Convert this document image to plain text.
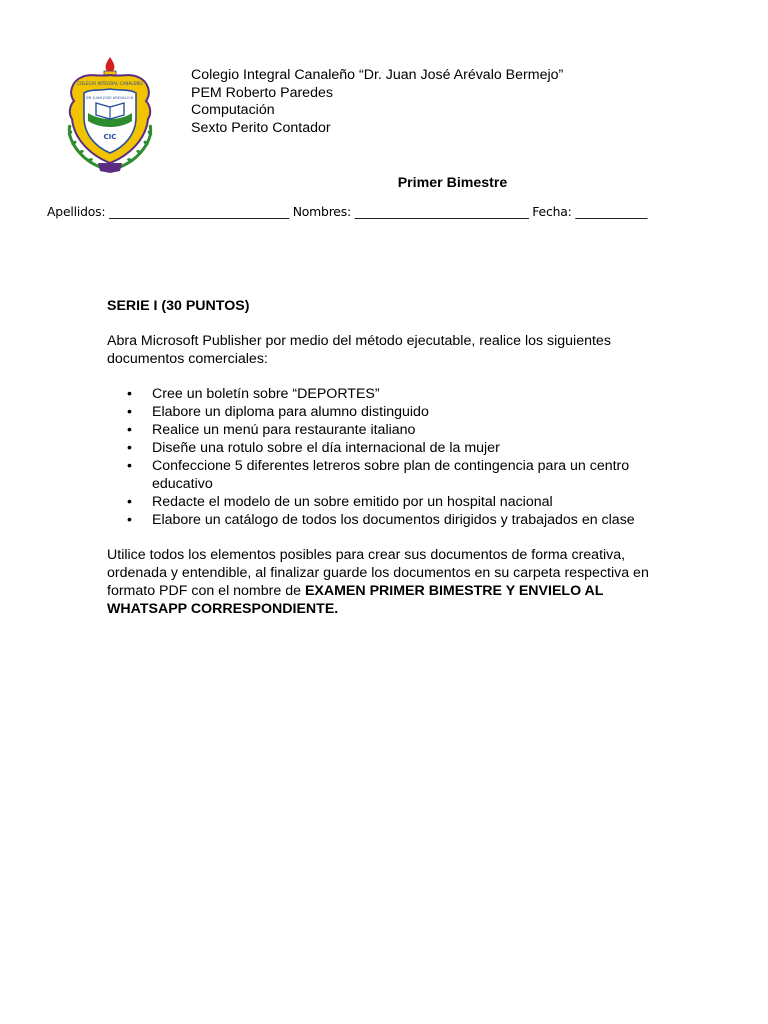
COLEGIO INTEGRAL CANALEÑO
DR. JUAN JOSE AREVALO B.
CIC
Colegio Integral Canaleño “Dr. Juan José Arévalo Bermejo”
PEM Roberto Paredes
Computación
Sexto Perito Contador
Primer Bimestre
Apellidos: ______________________________ Nombres: _____________________________ Fecha: ____________

SERIE I (30 PUNTOS)

Abra Microsoft Publisher por medio del método ejecutable, realice los siguientes documentos comerciales:

• Cree un boletín sobre “DEPORTES”
• Elabore un diploma para alumno distinguido
• Realice un menú para restaurante italiano
• Diseñe una rotulo sobre el día internacional de la mujer
• Confeccione 5 diferentes letreros sobre plan de contingencia para un centro educativo
• Redacte el modelo de un sobre emitido por un hospital nacional
• Elabore un catálogo de todos los documentos dirigidos y trabajados en clase

Utilice todos los elementos posibles para crear sus documentos de forma creativa, ordenada y entendible, al finalizar guarde los documentos en su carpeta respectiva en formato PDF con el nombre de EXAMEN PRIMER BIMESTRE Y ENVIELO AL WHATSAPP CORRESPONDIENTE.
